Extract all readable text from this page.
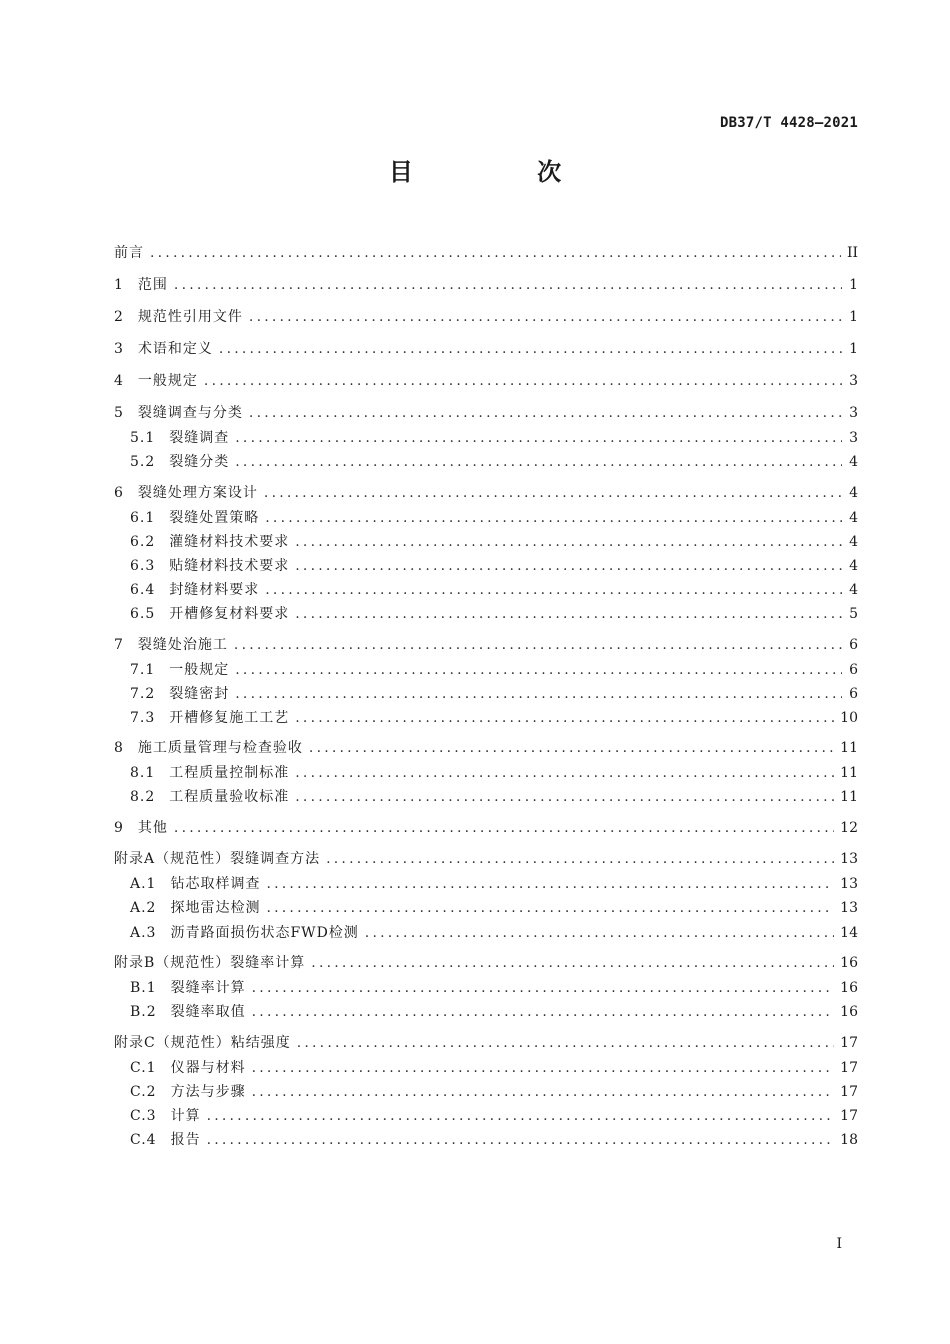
DB37/T 4428—2021
目 次
前言 .....	II
1 范围 .....	1
2 规范性引用文件 .....	1
3 术语和定义 .....	1
4 一般规定 .....	3
5 裂缝调查与分类 .....	3
5.1 裂缝调查 .....	3
5.2 裂缝分类 .....	4
6 裂缝处理方案设计 .....	4
6.1 裂缝处置策略 .....	4
6.2 灌缝材料技术要求 .....	4
6.3 贴缝材料技术要求 .....	4
6.4 封缝材料要求 .....	4
6.5 开槽修复材料要求 .....	5
7 裂缝处治施工 .....	6
7.1 一般规定 .....	6
7.2 裂缝密封 .....	6
7.3 开槽修复施工工艺 .....	10
8 施工质量管理与检查验收 .....	11
8.1 工程质量控制标准 .....	11
8.2 工程质量验收标准 .....	11
9 其他 .....	12
附录A（规范性）裂缝调查方法 .....	13
A.1 钻芯取样调查 .....	13
A.2 探地雷达检测 .....	13
A.3 沥青路面损伤状态FWD检测 .....	14
附录B（规范性）裂缝率计算 .....	16
B.1 裂缝率计算 .....	16
B.2 裂缝率取值 .....	16
附录C（规范性）粘结强度 .....	17
C.1 仪器与材料 .....	17
C.2 方法与步骤 .....	17
C.3 计算 .....	17
C.4 报告 .....	18
I
